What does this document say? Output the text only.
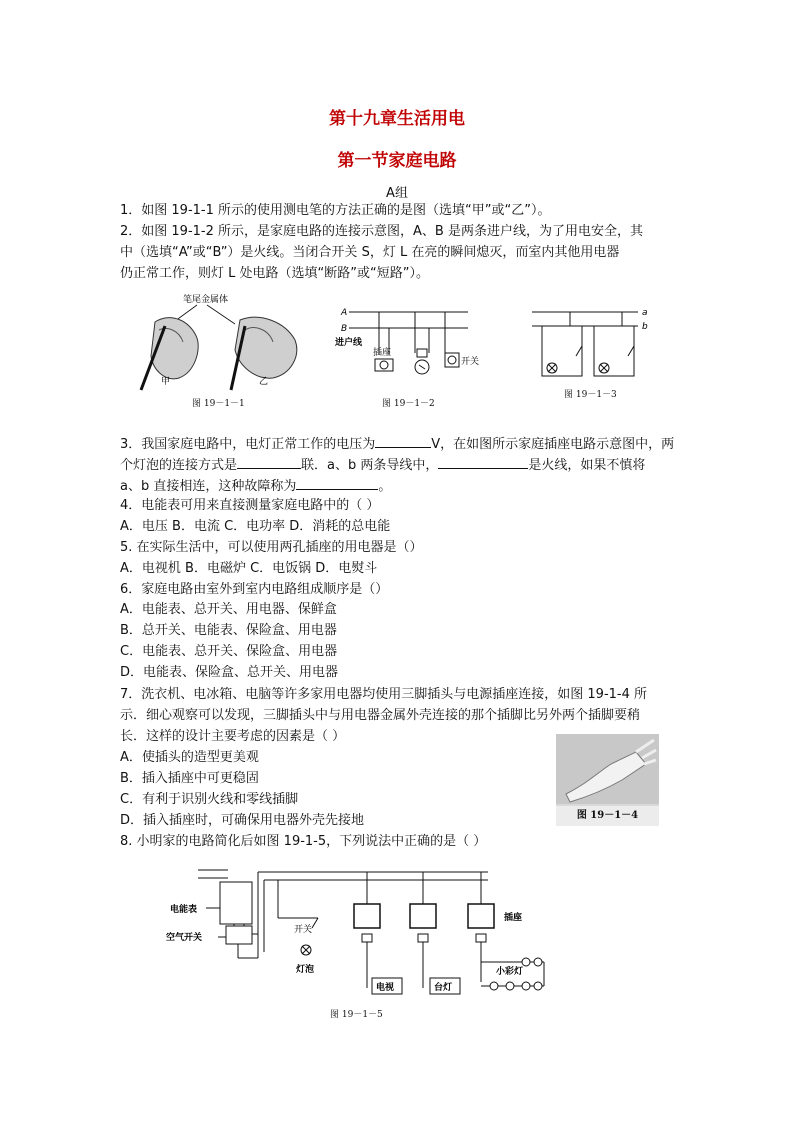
第十九章生活用电
第一节家庭电路
A组
1．如图 19-1-1 所示的使用测电笔的方法正确的是图（选填“甲”或“乙”）。
2．如图 19-1-2 所示，是家庭电路的连接示意图，A、B 是两条进户线，为了用电安全，其
中（选填“A”或“B”）是火线。当闭合开关 S，灯 L 在亮的瞬间熄灭，而室内其他用电器
仍正常工作，则灯 L 处电路（选填“断路”或“短路”）。
笔尾金属体
甲	乙
图 19－1－1
A
B
进户线
插座
开关
图 19－1－2
a
b
图 19－1－3
3．我国家庭电路中，电灯正常工作的电压为	V，在如图所示家庭插座电路示意图中，两
个灯泡的连接方式是	联．a、b 两条导线中，	是火线，如果不慎将
a、b 直接相连，这种故障称为	。
4．电能表可用来直接测量家庭电路中的（ ）
A．电压 B．电流 C．电功率 D．消耗的总电能
5. 在实际生活中，可以使用两孔插座的用电器是（）
A．电视机 B．电磁炉 C．电饭锅 D．电熨斗
6．家庭电路由室外到室内电路组成顺序是（）
A．电能表、总开关、用电器、保鲜盒
B．总开关、电能表、保险盒、用电器
C．电能表、总开关、保险盒、用电器
D．电能表、保险盒、总开关、用电器
7．洗衣机、电冰箱、电脑等许多家用电器均使用三脚插头与电源插座连接，如图 19-1-4 所
示．细心观察可以发现，三脚插头中与用电器金属外壳连接的那个插脚比另外两个插脚要稍
长．这样的设计主要考虑的因素是（ ）
A．使插头的造型更美观
B．插入插座中可更稳固
C．有利于识别火线和零线插脚
D．插入插座时，可确保用电器外壳先接地
8. 小明家的电路简化后如图 19-1-5，下列说法中正确的是（ ）
图 19－1－4
电能表
空气开关
开关
灯泡
插座
电视	台灯
小彩灯
图 19－1－5
